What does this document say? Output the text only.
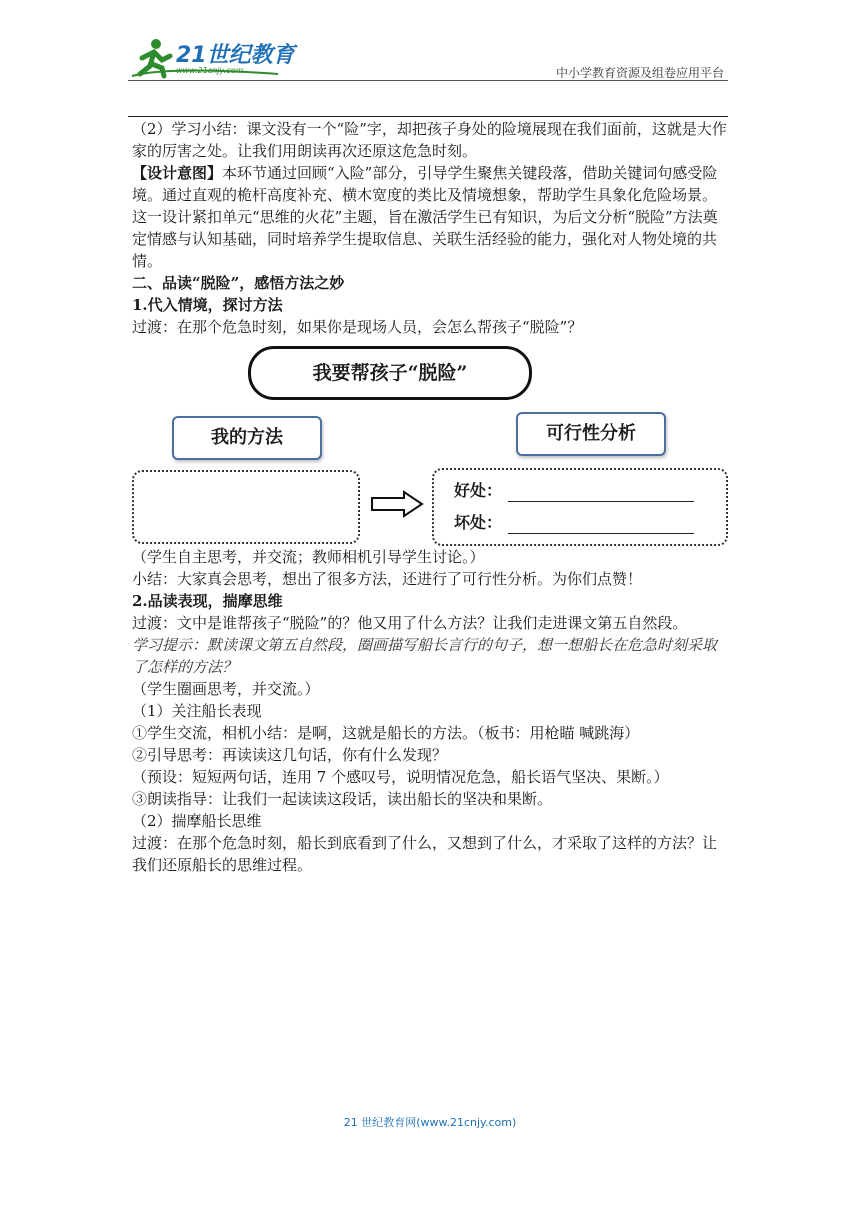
21世纪教育
www.21cnjy.com	中小学教育资源及组卷应用平台

（2）学习小结：课文没有一个“险”字，却把孩子身处的险境展现在我们面前，这就是大作家的厉害之处。让我们用朗读再次还原这危急时刻。

【设计意图】本环节通过回顾“入险”部分，引导学生聚焦关键段落，借助关键词句感受险境。通过直观的桅杆高度补充、横木宽度的类比及情境想象，帮助学生具象化危险场景。这一设计紧扣单元“思维的火花”主题，旨在激活学生已有知识，为后文分析“脱险”方法奠定情感与认知基础，同时培养学生提取信息、关联生活经验的能力，强化对人物处境的共情。

二、品读“脱险”，感悟方法之妙

1.代入情境，探讨方法

过渡：在那个危急时刻，如果你是现场人员，会怎么帮孩子“脱险”？

我要帮孩子“脱险”
我的方法	可行性分析
好处：
坏处：

（学生自主思考，并交流；教师相机引导学生讨论。）

小结：大家真会思考，想出了很多方法，还进行了可行性分析。为你们点赞！

2.品读表现，揣摩思维

过渡：文中是谁帮孩子“脱险”的？他又用了什么方法？让我们走进课文第五自然段。

学习提示：默读课文第五自然段，圈画描写船长言行的句子，想一想船长在危急时刻采取了怎样的方法？

（学生圈画思考，并交流。）

（1）关注船长表现

①学生交流，相机小结：是啊，这就是船长的方法。（板书：用枪瞄 喊跳海）

②引导思考：再读读这几句话，你有什么发现？

（预设：短短两句话，连用 7 个感叹号，说明情况危急，船长语气坚决、果断。）

③朗读指导：让我们一起读读这段话，读出船长的坚决和果断。

（2）揣摩船长思维

过渡：在那个危急时刻，船长到底看到了什么，又想到了什么，才采取了这样的方法？让我们还原船长的思维过程。

21 世纪教育网(www.21cnjy.com)
